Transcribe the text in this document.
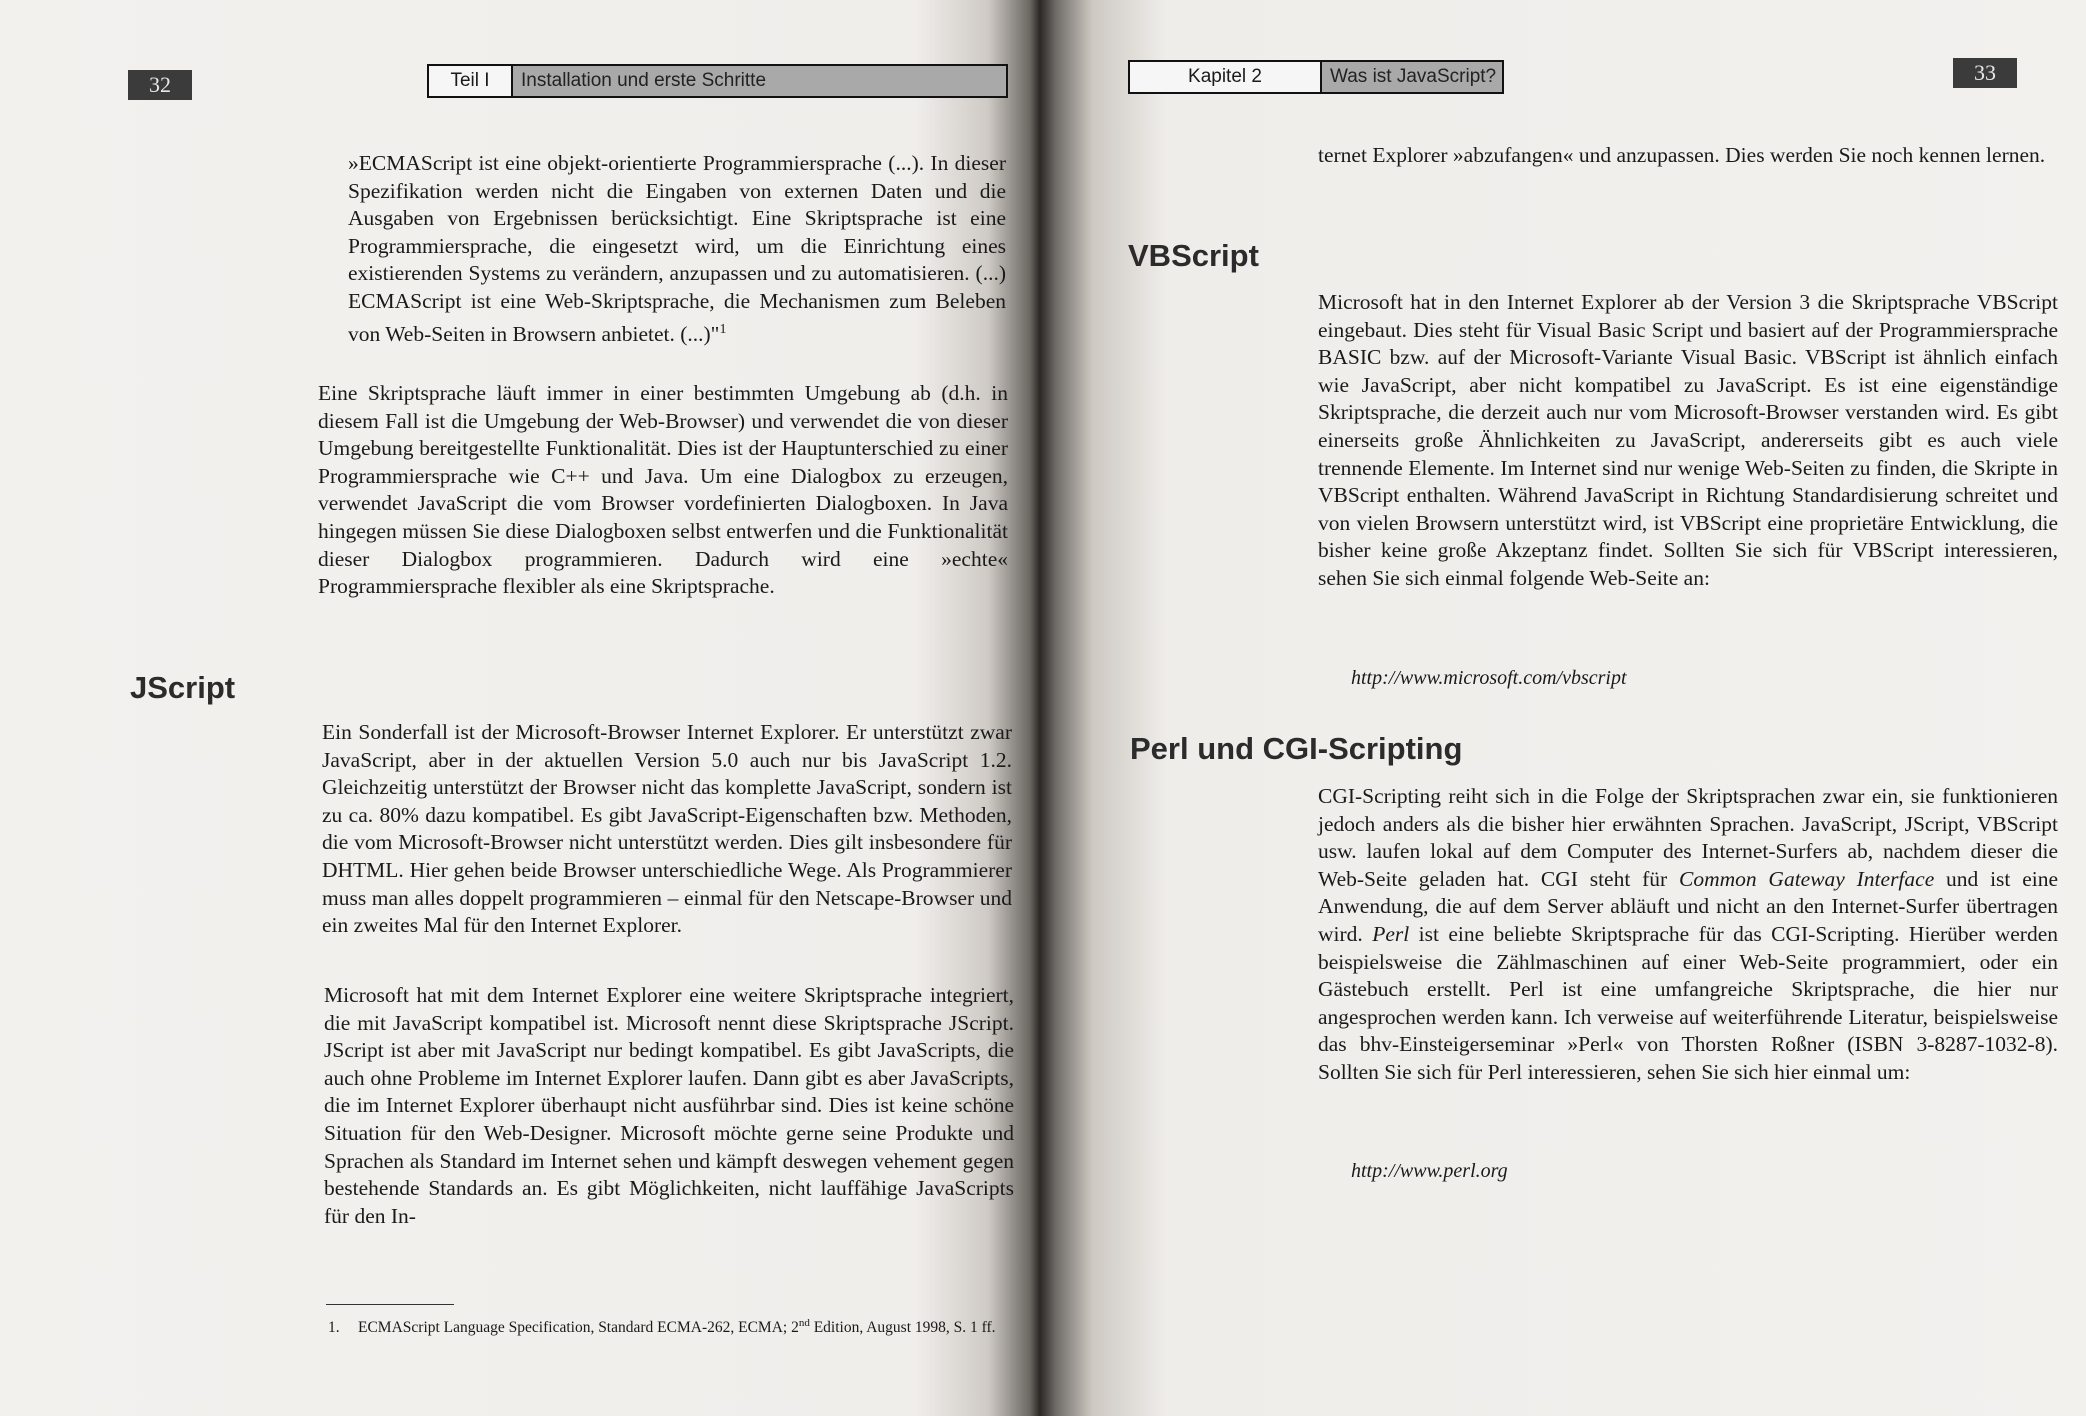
32	Teil I	Installation und erste Schritte

»ECMAScript ist eine objekt-orientierte Programmiersprache (...). In dieser Spezifikation werden nicht die Eingaben von externen Daten und die Ausgaben von Ergebnissen berücksichtigt. Eine Skriptsprache ist eine Programmiersprache, die eingesetzt wird, um die Einrichtung eines existierenden Systems zu verändern, anzupassen und zu automatisieren. (...) ECMAScript ist eine Web-Skriptsprache, die Mechanismen zum Beleben von Web-Seiten in Browsern anbietet. (...)"$^1$

Eine Skriptsprache läuft immer in einer bestimmten Umgebung ab (d.h. in diesem Fall ist die Umgebung der Web-Browser) und verwendet die von dieser Umgebung bereitgestellte Funktionalität. Dies ist der Hauptunterschied zu einer Programmiersprache wie C++ und Java. Um eine Dialogbox zu erzeugen, verwendet JavaScript die vom Browser vordefinierten Dialogboxen. In Java hingegen müssen Sie diese Dialogboxen selbst entwerfen und die Funktionalität dieser Dialogbox programmieren. Dadurch wird eine »echte« Programmiersprache flexibler als eine Skriptsprache.

JScript

Ein Sonderfall ist der Microsoft-Browser Internet Explorer. Er unterstützt zwar JavaScript, aber in der aktuellen Version 5.0 auch nur bis JavaScript 1.2. Gleichzeitig unterstützt der Browser nicht das komplette JavaScript, sondern ist zu ca. 80% dazu kompatibel. Es gibt JavaScript-Eigenschaften bzw. Methoden, die vom Microsoft-Browser nicht unterstützt werden. Dies gilt insbesondere für DHTML. Hier gehen beide Browser unterschiedliche Wege. Als Programmierer muss man alles doppelt programmieren – einmal für den Netscape-Browser und ein zweites Mal für den Internet Explorer.

Microsoft hat mit dem Internet Explorer eine weitere Skriptsprache integriert, die mit JavaScript kompatibel ist. Microsoft nennt diese Skriptsprache JScript. JScript ist aber mit JavaScript nur bedingt kompatibel. Es gibt JavaScripts, die auch ohne Probleme im Internet Explorer laufen. Dann gibt es aber JavaScripts, die im Internet Explorer überhaupt nicht ausführbar sind. Dies ist keine schöne Situation für den Web-Designer. Microsoft möchte gerne seine Produkte und Sprachen als Standard im Internet sehen und kämpft deswegen vehement gegen bestehende Standards an. Es gibt Möglichkeiten, nicht lauffähige JavaScripts für den In-

1. ECMAScript Language Specification, Standard ECMA-262, ECMA; 2nd Edition, August 1998, S. 1 ff.
Kapitel 2	Was ist JavaScript?	33

ternet Explorer »abzufangen« und anzupassen. Dies werden Sie noch kennen lernen.

VBScript

Microsoft hat in den Internet Explorer ab der Version 3 die Skriptsprache VBScript eingebaut. Dies steht für Visual Basic Script und basiert auf der Programmiersprache BASIC bzw. auf der Microsoft-Variante Visual Basic. VBScript ist ähnlich einfach wie JavaScript, aber nicht kompatibel zu JavaScript. Es ist eine eigenständige Skriptsprache, die derzeit auch nur vom Microsoft-Browser verstanden wird. Es gibt einerseits große Ähnlichkeiten zu JavaScript, andererseits gibt es auch viele trennende Elemente. Im Internet sind nur wenige Web-Seiten zu finden, die Skripte in VBScript enthalten. Während JavaScript in Richtung Standardisierung schreitet und von vielen Browsern unterstützt wird, ist VBScript eine proprietäre Entwicklung, die bisher keine große Akzeptanz findet. Sollten Sie sich für VBScript interessieren, sehen Sie sich einmal folgende Web-Seite an:

http://www.microsoft.com/vbscript
Perl und CGI-Scripting

CGI-Scripting reiht sich in die Folge der Skriptsprachen zwar ein, sie funktionieren jedoch anders als die bisher hier erwähnten Sprachen. JavaScript, JScript, VBScript usw. laufen lokal auf dem Computer des Internet-Surfers ab, nachdem dieser die Web-Seite geladen hat. CGI steht für Common Gateway Interface und ist eine Anwendung, die auf dem Server abläuft und nicht an den Internet-Surfer übertragen wird. Perl ist eine beliebte Skriptsprache für das CGI-Scripting. Hierüber werden beispielsweise die Zählmaschinen auf einer Web-Seite programmiert, oder ein Gästebuch erstellt. Perl ist eine umfangreiche Skriptsprache, die hier nur angesprochen werden kann. Ich verweise auf weiterführende Literatur, beispielsweise das bhv-Einsteigerseminar »Perl« von Thorsten Roßner (ISBN 3-8287-1032-8). Sollten Sie sich für Perl interessieren, sehen Sie sich hier einmal um:

http://www.perl.org
